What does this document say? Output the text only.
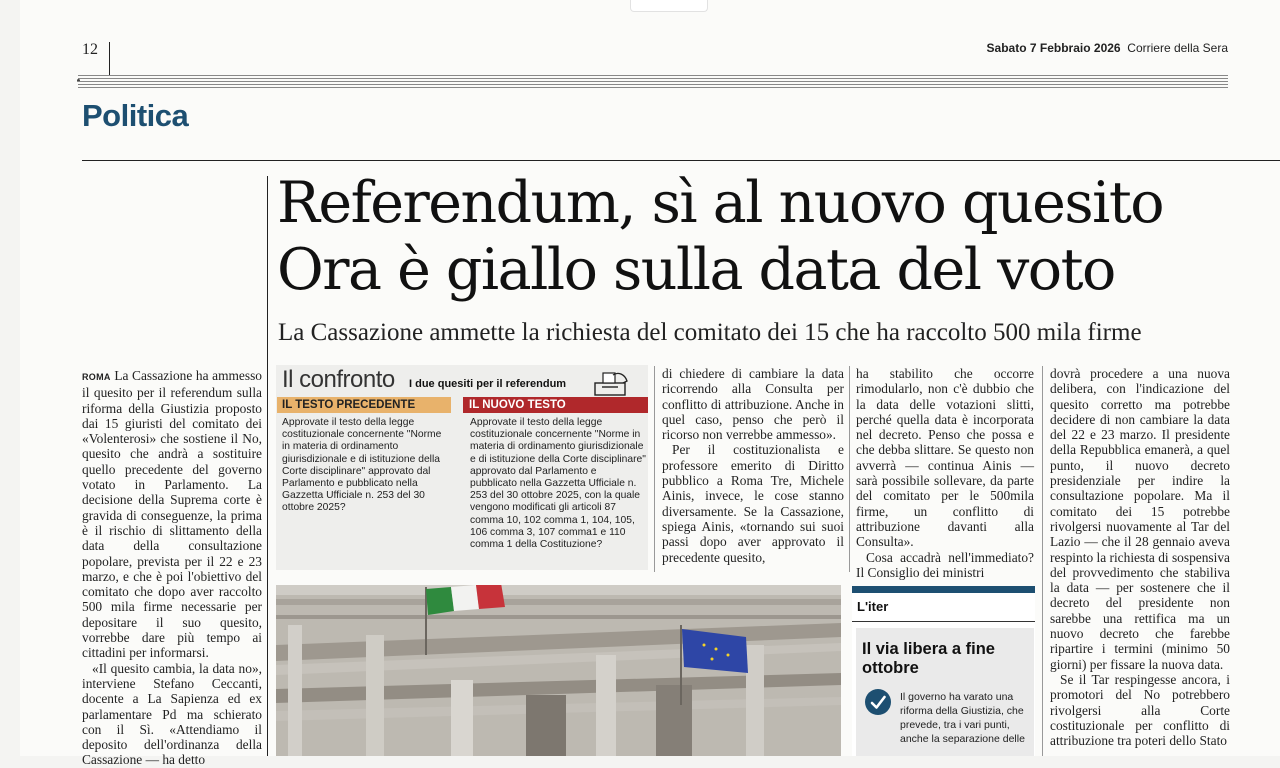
12	Sabato 7 Febbraio 2026 Corriere della Sera
Politica
Referendum, sì al nuovo quesito
Ora è giallo sulla data del voto
La Cassazione ammette la richiesta del comitato dei 15 che ha raccolto 500 mila firme

ROMA La Cassazione ha ammesso il quesito per il referendum sulla riforma della Giustizia proposto dai 15 giuristi del comitato dei «Volenterosi» che sostiene il No, quesito che andrà a sostituire quello precedente del governo votato in Parlamento. La decisione della Suprema corte è gravida di conseguenze, la prima è il rischio di slittamento della data della consultazione popolare, prevista per il 22 e 23 marzo, e che è poi l'obiettivo del comitato che dopo aver raccolto 500 mila firme necessarie per depositare il suo quesito, vorrebbe dare più tempo ai cittadini per informarsi.

«Il quesito cambia, la data no», interviene Stefano Ceccanti, docente a La Sapienza ed ex parlamentare Pd ma schierato con il Sì. «Attendiamo il deposito dell'ordinanza della Cassazione — ha detto

Il confronto I due quesiti per il referendum
IL TESTO PRECEDENTE	IL NUOVO TESTO

Approvate il testo della legge costituzionale concernente "Norme in materia di ordinamento giurisdizionale e di istituzione della Corte disciplinare" approvato dal Parlamento e pubblicato nella Gazzetta Ufficiale n. 253 del 30 ottobre 2025?

Approvate il testo della legge costituzionale concernente "Norme in materia di ordinamento giurisdizionale e di istituzione della Corte disciplinare" approvato dal Parlamento e pubblicato nella Gazzetta Ufficiale n. 253 del 30 ottobre 2025, con la quale vengono modificati gli articoli 87 comma 10, 102 comma 1, 104, 105, 106 comma 3, 107 comma1 e 110 comma 1 della Costituzione?

di chiedere di cambiare la data ricorrendo alla Consulta per conflitto di attribuzione. Anche in quel caso, penso che però il ricorso non verrebbe ammesso».

Per il costituzionalista e professore emerito di Diritto pubblico a Roma Tre, Michele Ainis, invece, le cose stanno diversamente. Se la Cassazione, spiega Ainis, «tornando sui suoi passi dopo aver approvato il precedente quesito,

ha stabilito che occorre rimodularlo, non c'è dubbio che la data delle votazioni slitti, perché quella data è incorporata nel decreto. Penso che possa e che debba slittare. Se questo non avverrà — continua Ainis — sarà possibile sollevare, da parte del comitato per le 500mila firme, un conflitto di attribuzione davanti alla Consulta».

Cosa accadrà nell'immediato? Il Consiglio dei ministri

dovrà procedere a una nuova delibera, con l'indicazione del quesito corretto ma potrebbe decidere di non cambiare la data del 22 e 23 marzo. Il presidente della Repubblica emanerà, a quel punto, il nuovo decreto presidenziale per indire la consultazione popolare. Ma il comitato dei 15 potrebbe rivolgersi nuovamente al Tar del Lazio — che il 28 gennaio aveva respinto la richiesta di sospensiva del provvedimento che stabiliva la data — per sostenere che il decreto del presidente non sarebbe una rettifica ma un nuovo decreto che farebbe ripartire i termini (minimo 50 giorni) per fissare la nuova data.

Se il Tar respingesse ancora, i promotori del No potrebbero rivolgersi alla Corte costituzionale per conflitto di attribuzione tra poteri dello Stato

L'iter
Il via libera a fine ottobre

Il governo ha varato una riforma della Giustizia, che prevede, tra i vari punti, anche la separazione delle
